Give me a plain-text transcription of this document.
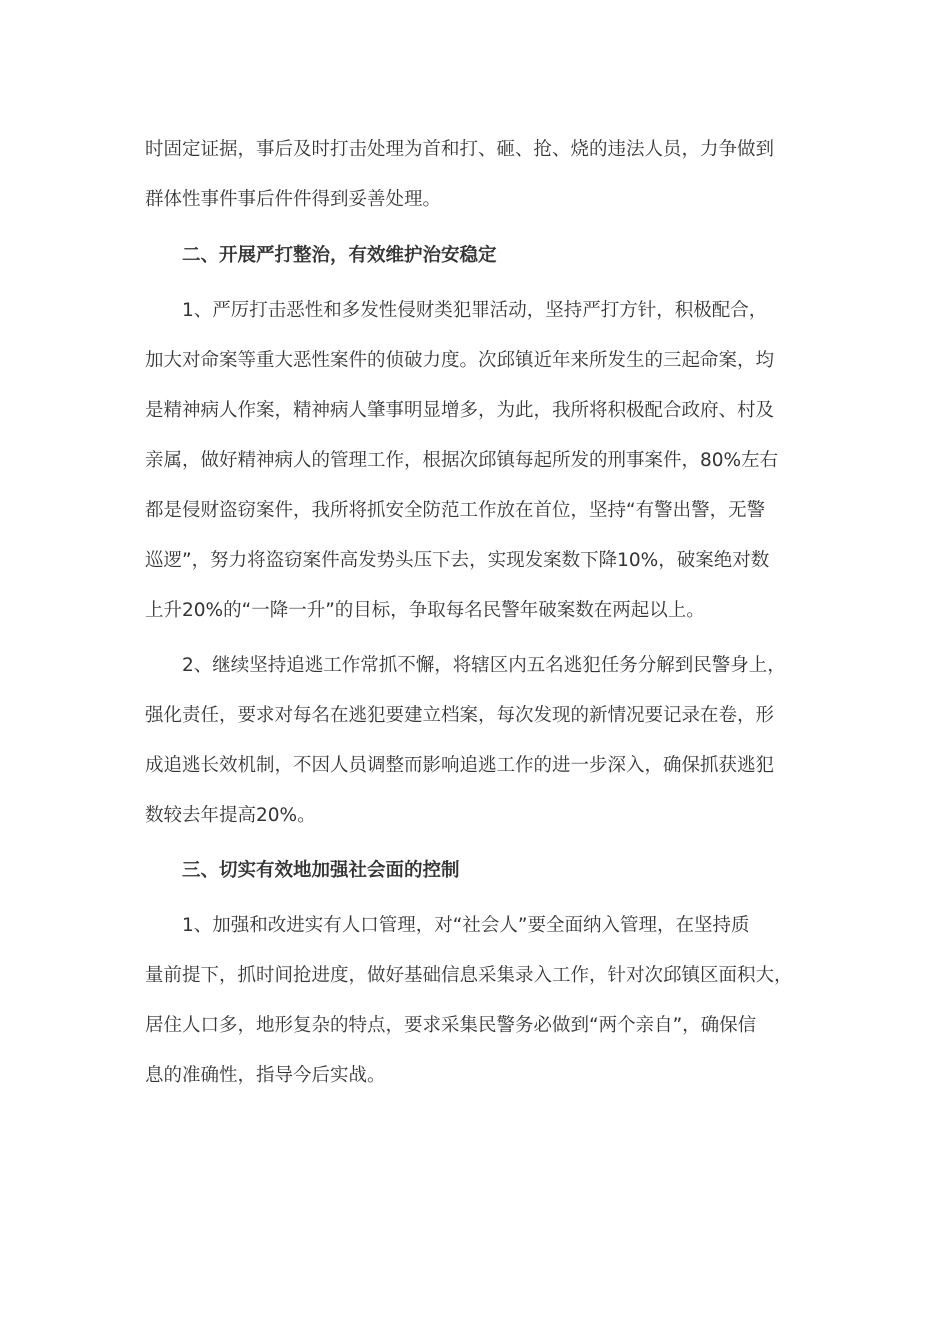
时固定证据，事后及时打击处理为首和打、砸、抢、烧的违法人员，力争做到
群体性事件事后件件得到妥善处理。
二、开展严打整治，有效维护治安稳定
1、严厉打击恶性和多发性侵财类犯罪活动，坚持严打方针，积极配合，
加大对命案等重大恶性案件的侦破力度。次邱镇近年来所发生的三起命案，均
是精神病人作案，精神病人肇事明显增多，为此，我所将积极配合政府、村及
亲属，做好精神病人的管理工作，根据次邱镇每起所发的刑事案件，80%左右
都是侵财盗窃案件，我所将抓安全防范工作放在首位，坚持“有警出警，无警
巡逻”，努力将盗窃案件高发势头压下去，实现发案数下降10%，破案绝对数
上升20%的“一降一升”的目标，争取每名民警年破案数在两起以上。
2、继续坚持追逃工作常抓不懈，将辖区内五名逃犯任务分解到民警身上，
强化责任，要求对每名在逃犯要建立档案，每次发现的新情况要记录在卷，形
成追逃长效机制，不因人员调整而影响追逃工作的进一步深入，确保抓获逃犯
数较去年提高20%。
三、切实有效地加强社会面的控制
1、加强和改进实有人口管理，对“社会人”要全面纳入管理，在坚持质
量前提下，抓时间抢进度，做好基础信息采集录入工作，针对次邱镇区面积大，
居住人口多，地形复杂的特点，要求采集民警务必做到“两个亲自”，确保信
息的准确性，指导今后实战。
